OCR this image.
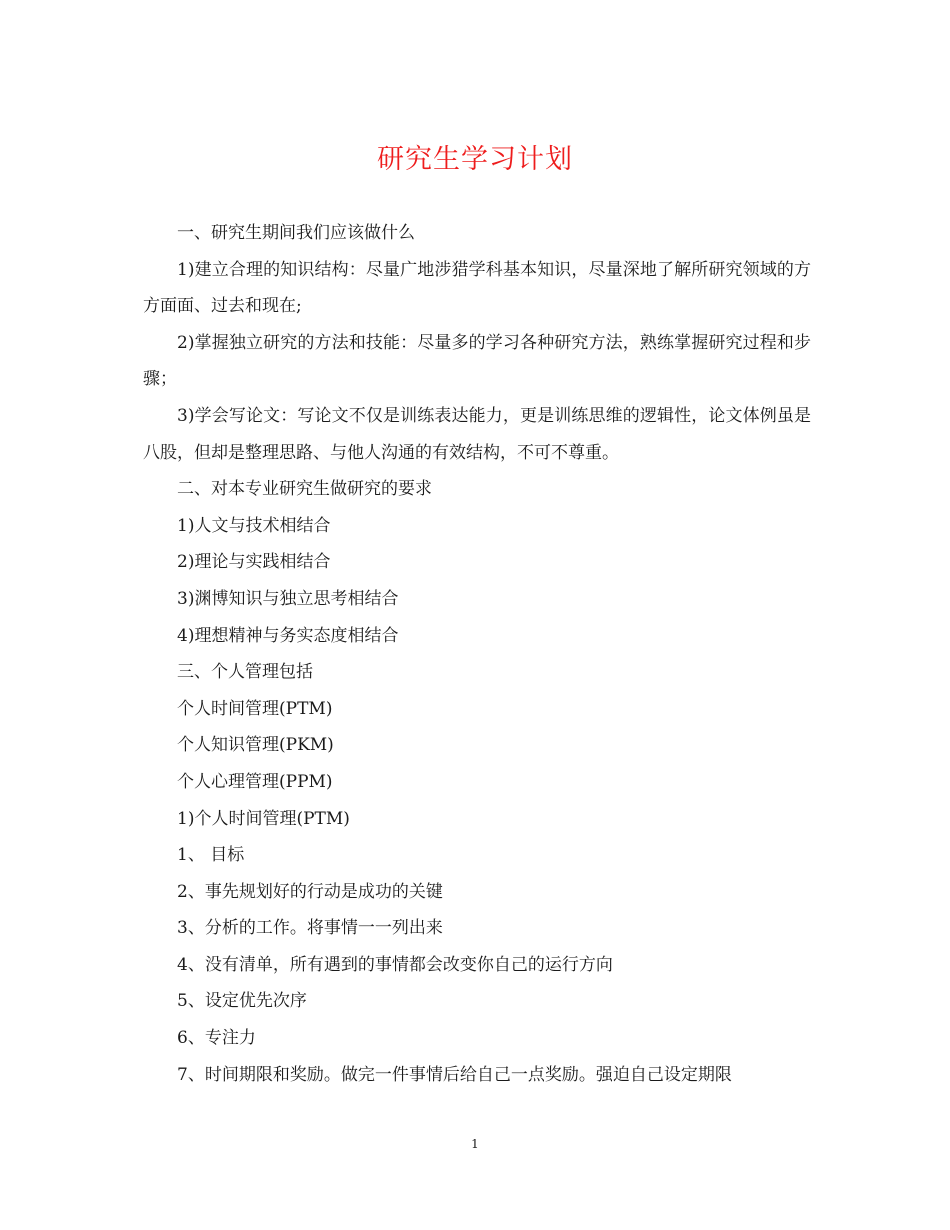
研究生学习计划

一、研究生期间我们应该做什么

1)建立合理的知识结构：尽量广地涉猎学科基本知识，尽量深地了解所研究领域的方方面面、过去和现在;

2)掌握独立研究的方法和技能：尽量多的学习各种研究方法，熟练掌握研究过程和步骤；

3)学会写论文：写论文不仅是训练表达能力，更是训练思维的逻辑性，论文体例虽是八股，但却是整理思路、与他人沟通的有效结构，不可不尊重。

二、对本专业研究生做研究的要求

1)人文与技术相结合

2)理论与实践相结合

3)渊博知识与独立思考相结合

4)理想精神与务实态度相结合

三、个人管理包括

个人时间管理(PTM)

个人知识管理(PKM)

个人心理管理(PPM)

1)个人时间管理(PTM)

1、 目标

2、事先规划好的行动是成功的关键

3、分析的工作。将事情一一列出来

4、没有清单，所有遇到的事情都会改变你自己的运行方向

5、设定优先次序

6、专注力

7、时间期限和奖励。做完一件事情后给自己一点奖励。强迫自己设定期限

1
